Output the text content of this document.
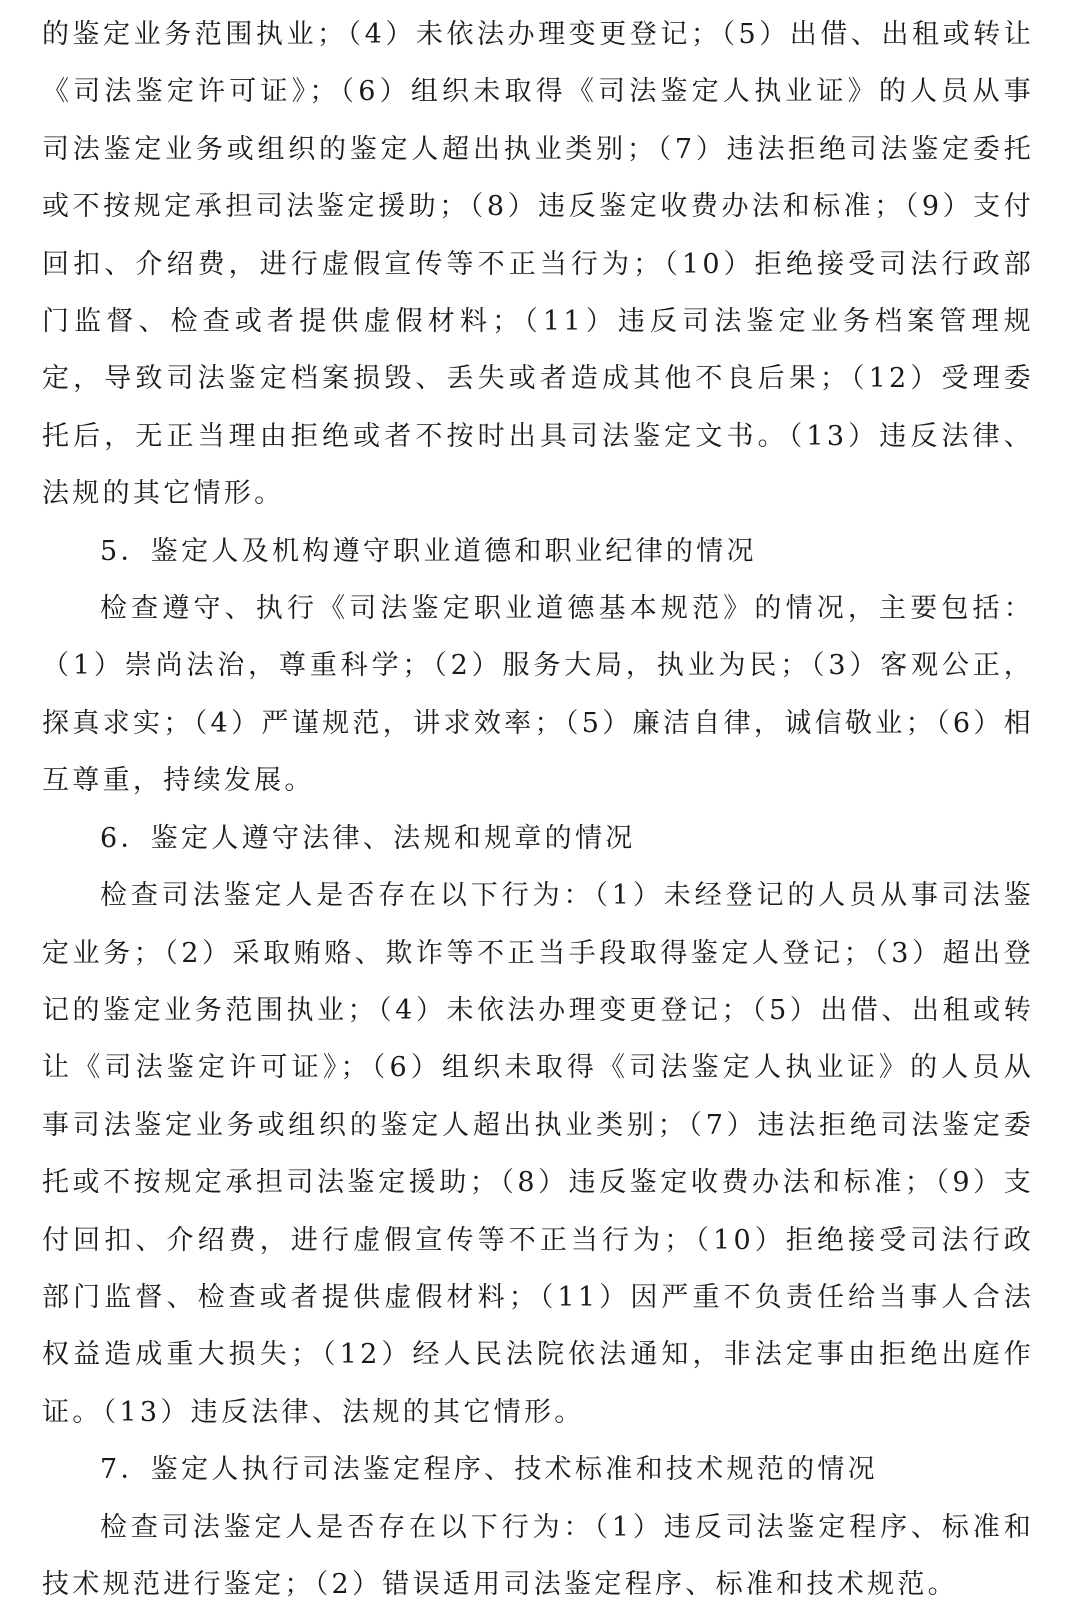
的鉴定业务范围执业；（4）未依法办理变更登记；（5）出借、出租或转让《司法鉴定许可证》；（6）组织未取得《司法鉴定人执业证》的人员从事司法鉴定业务或组织的鉴定人超出执业类别；（7）违法拒绝司法鉴定委托或不按规定承担司法鉴定援助；（8）违反鉴定收费办法和标准；（9）支付回扣、介绍费，进行虚假宣传等不正当行为；（10）拒绝接受司法行政部门监督、检查或者提供虚假材料；（11）违反司法鉴定业务档案管理规定，导致司法鉴定档案损毁、丢失或者造成其他不良后果；（12）受理委托后，无正当理由拒绝或者不按时出具司法鉴定文书。（13）违反法律、法规的其它情形。

5．鉴定人及机构遵守职业道德和职业纪律的情况

检查遵守、执行《司法鉴定职业道德基本规范》的情况，主要包括：（1）崇尚法治，尊重科学；（2）服务大局，执业为民；（3）客观公正，探真求实；（4）严谨规范，讲求效率；（5）廉洁自律，诚信敬业；（6）相互尊重，持续发展。

6．鉴定人遵守法律、法规和规章的情况

检查司法鉴定人是否存在以下行为：（1）未经登记的人员从事司法鉴定业务；（2）采取贿赂、欺诈等不正当手段取得鉴定人登记；（3）超出登记的鉴定业务范围执业；（4）未依法办理变更登记；（5）出借、出租或转让《司法鉴定许可证》；（6）组织未取得《司法鉴定人执业证》的人员从事司法鉴定业务或组织的鉴定人超出执业类别；（7）违法拒绝司法鉴定委托或不按规定承担司法鉴定援助；（8）违反鉴定收费办法和标准；（9）支付回扣、介绍费，进行虚假宣传等不正当行为；（10）拒绝接受司法行政部门监督、检查或者提供虚假材料；（11）因严重不负责任给当事人合法权益造成重大损失；（12）经人民法院依法通知，非法定事由拒绝出庭作证。（13）违反法律、法规的其它情形。

7．鉴定人执行司法鉴定程序、技术标准和技术规范的情况

检查司法鉴定人是否存在以下行为：（1）违反司法鉴定程序、标准和技术规范进行鉴定；（2）错误适用司法鉴定程序、标准和技术规范。
